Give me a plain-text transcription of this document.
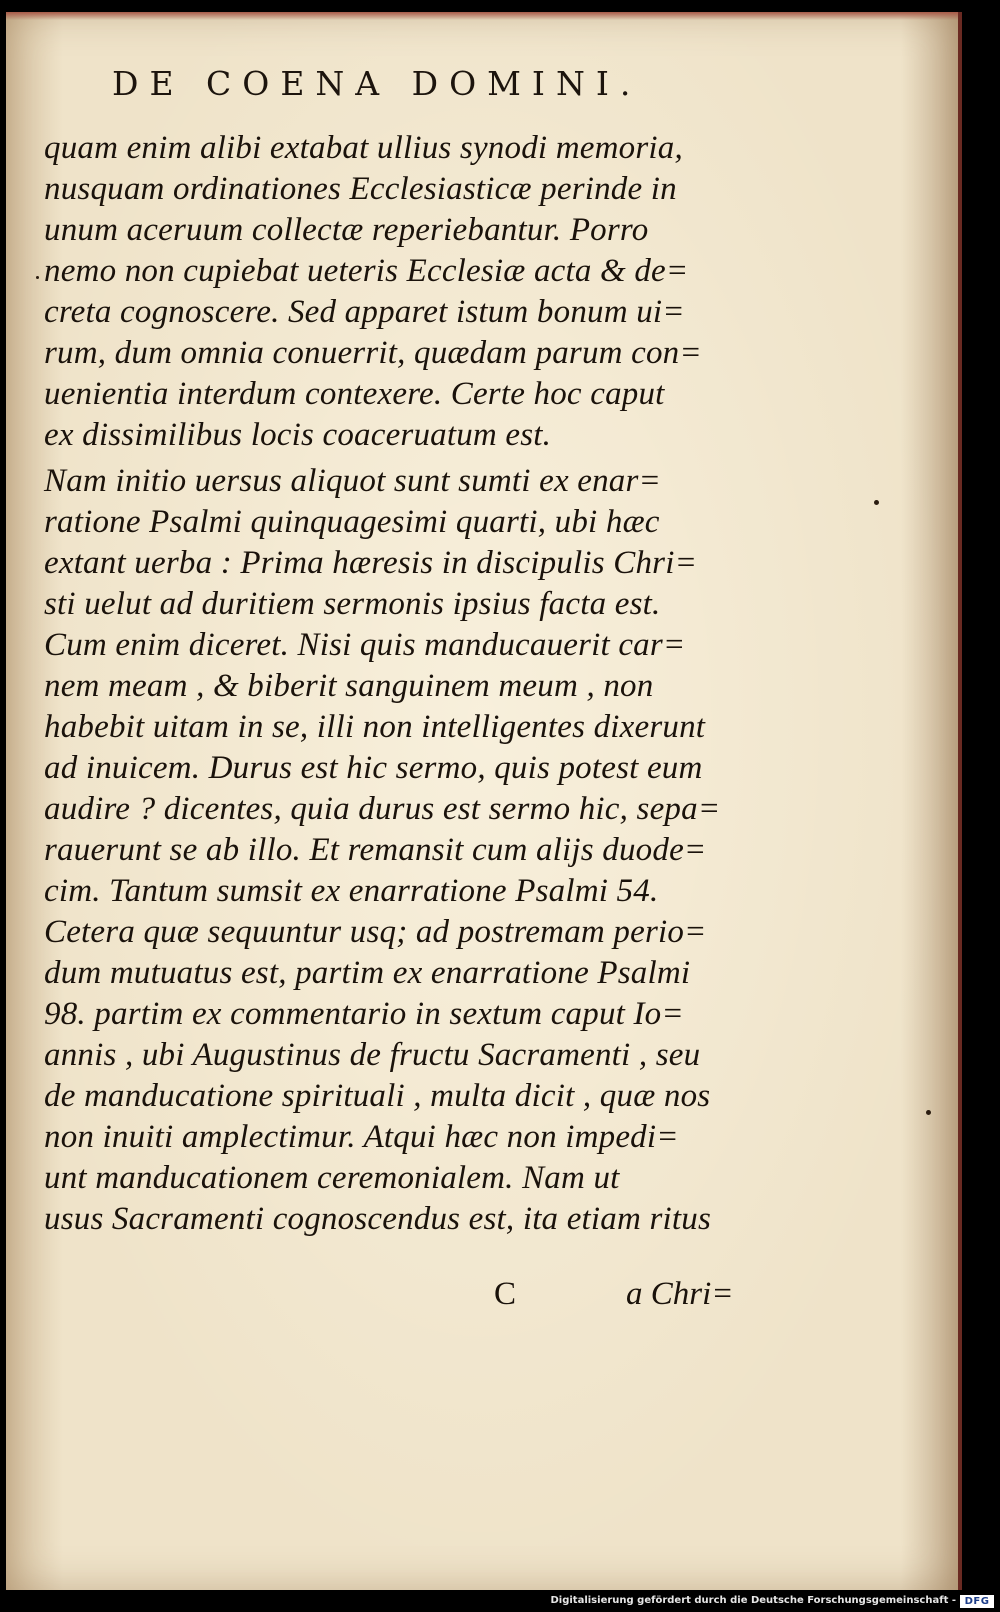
DE COENA DOMINI.
quam enim alibi extabat ullius synodi memoria,
nusquam ordinationes Ecclesiasticæ perinde in
unum aceruum collectæ reperiebantur. Porro
nemo non cupiebat ueteris Ecclesiæ acta & de=
creta cognoscere. Sed apparet istum bonum ui=
rum, dum omnia conuerrit, quædam parum con=
uenientia interdum contexere. Certe hoc caput
ex dissimilibus locis coaceruatum est.
Nam initio uersus aliquot sunt sumti ex enar=
ratione Psalmi quinquagesimi quarti, ubi hæc
extant uerba : Prima hæresis in discipulis Chri=
sti uelut ad duritiem sermonis ipsius facta est.
Cum enim diceret. Nisi quis manducauerit car=
nem meam , & biberit sanguinem meum , non
habebit uitam in se, illi non intelligentes dixerunt
ad inuicem. Durus est hic sermo, quis potest eum
audire ? dicentes, quia durus est sermo hic, sepa=
rauerunt se ab illo. Et remansit cum alijs duode=
cim. Tantum sumsit ex enarratione Psalmi 54.
Cetera quæ sequuntur usq; ad postremam perio=
dum mutuatus est, partim ex enarratione Psalmi
98. partim ex commentario in sextum caput Io=
annis , ubi Augustinus de fructu Sacramenti , seu
de manducatione spirituali , multa dicit , quæ nos
non inuiti amplectimur. Atqui hæc non impedi=
unt manducationem ceremonialem. Nam ut
usus Sacramenti cognoscendus est, ita etiam ritus
C	a Chri=
Digitalisierung gefördert durch die Deutsche Forschungsgemeinschaft - DFG
